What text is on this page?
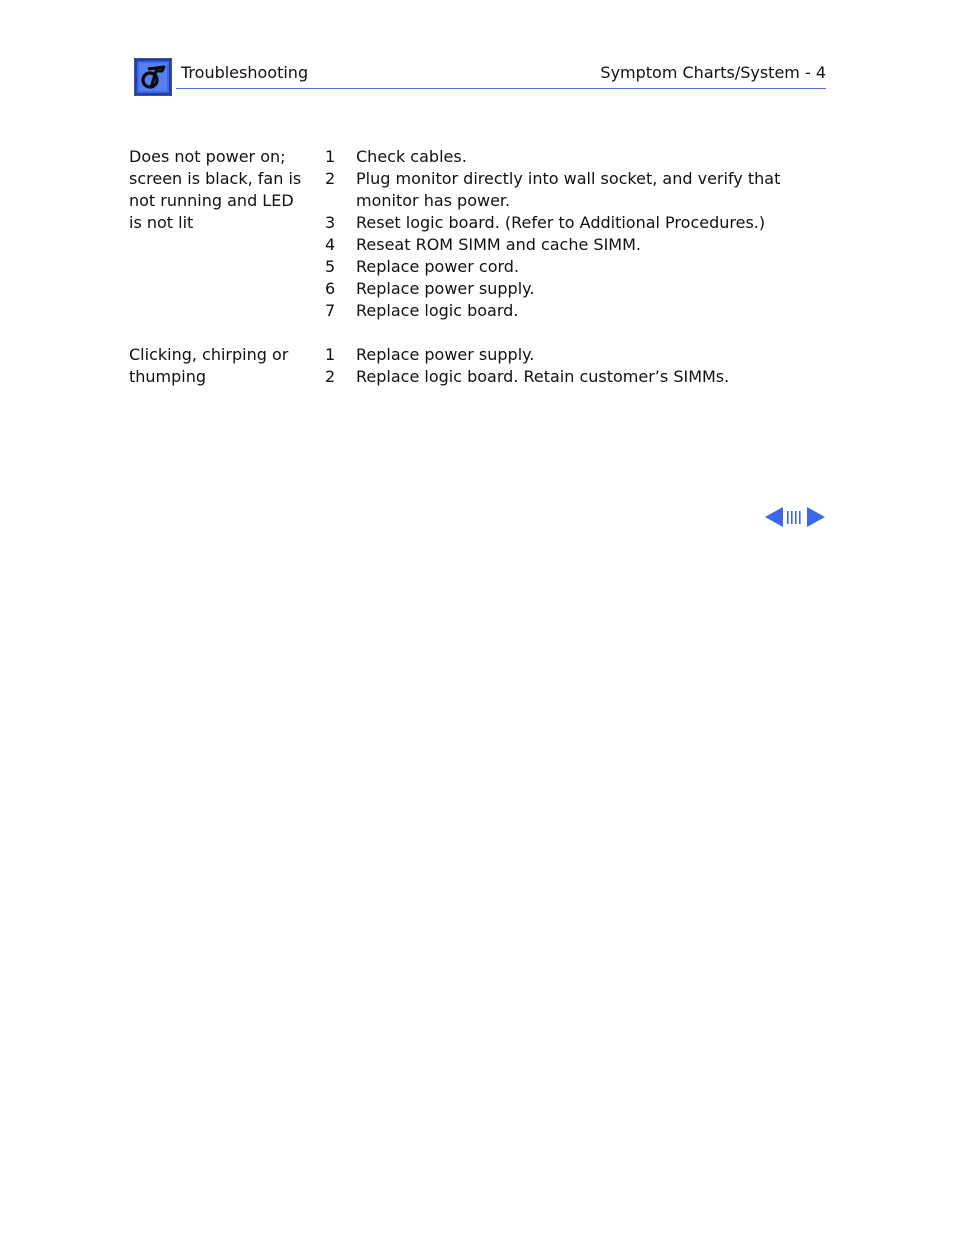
Troubleshooting	Symptom Charts/System - 4
Does not power on; screen is black, fan is not running and LED is not lit
1	Check cables.
2	Plug monitor directly into wall socket, and verify that monitor has power.
3	Reset logic board. (Refer to Additional Procedures.)
4	Reseat ROM SIMM and cache SIMM.
5	Replace power cord.
6	Replace power supply.
7	Replace logic board.
Clicking, chirping or thumping
1	Replace power supply.
2	Replace logic board. Retain customer’s SIMMs.
